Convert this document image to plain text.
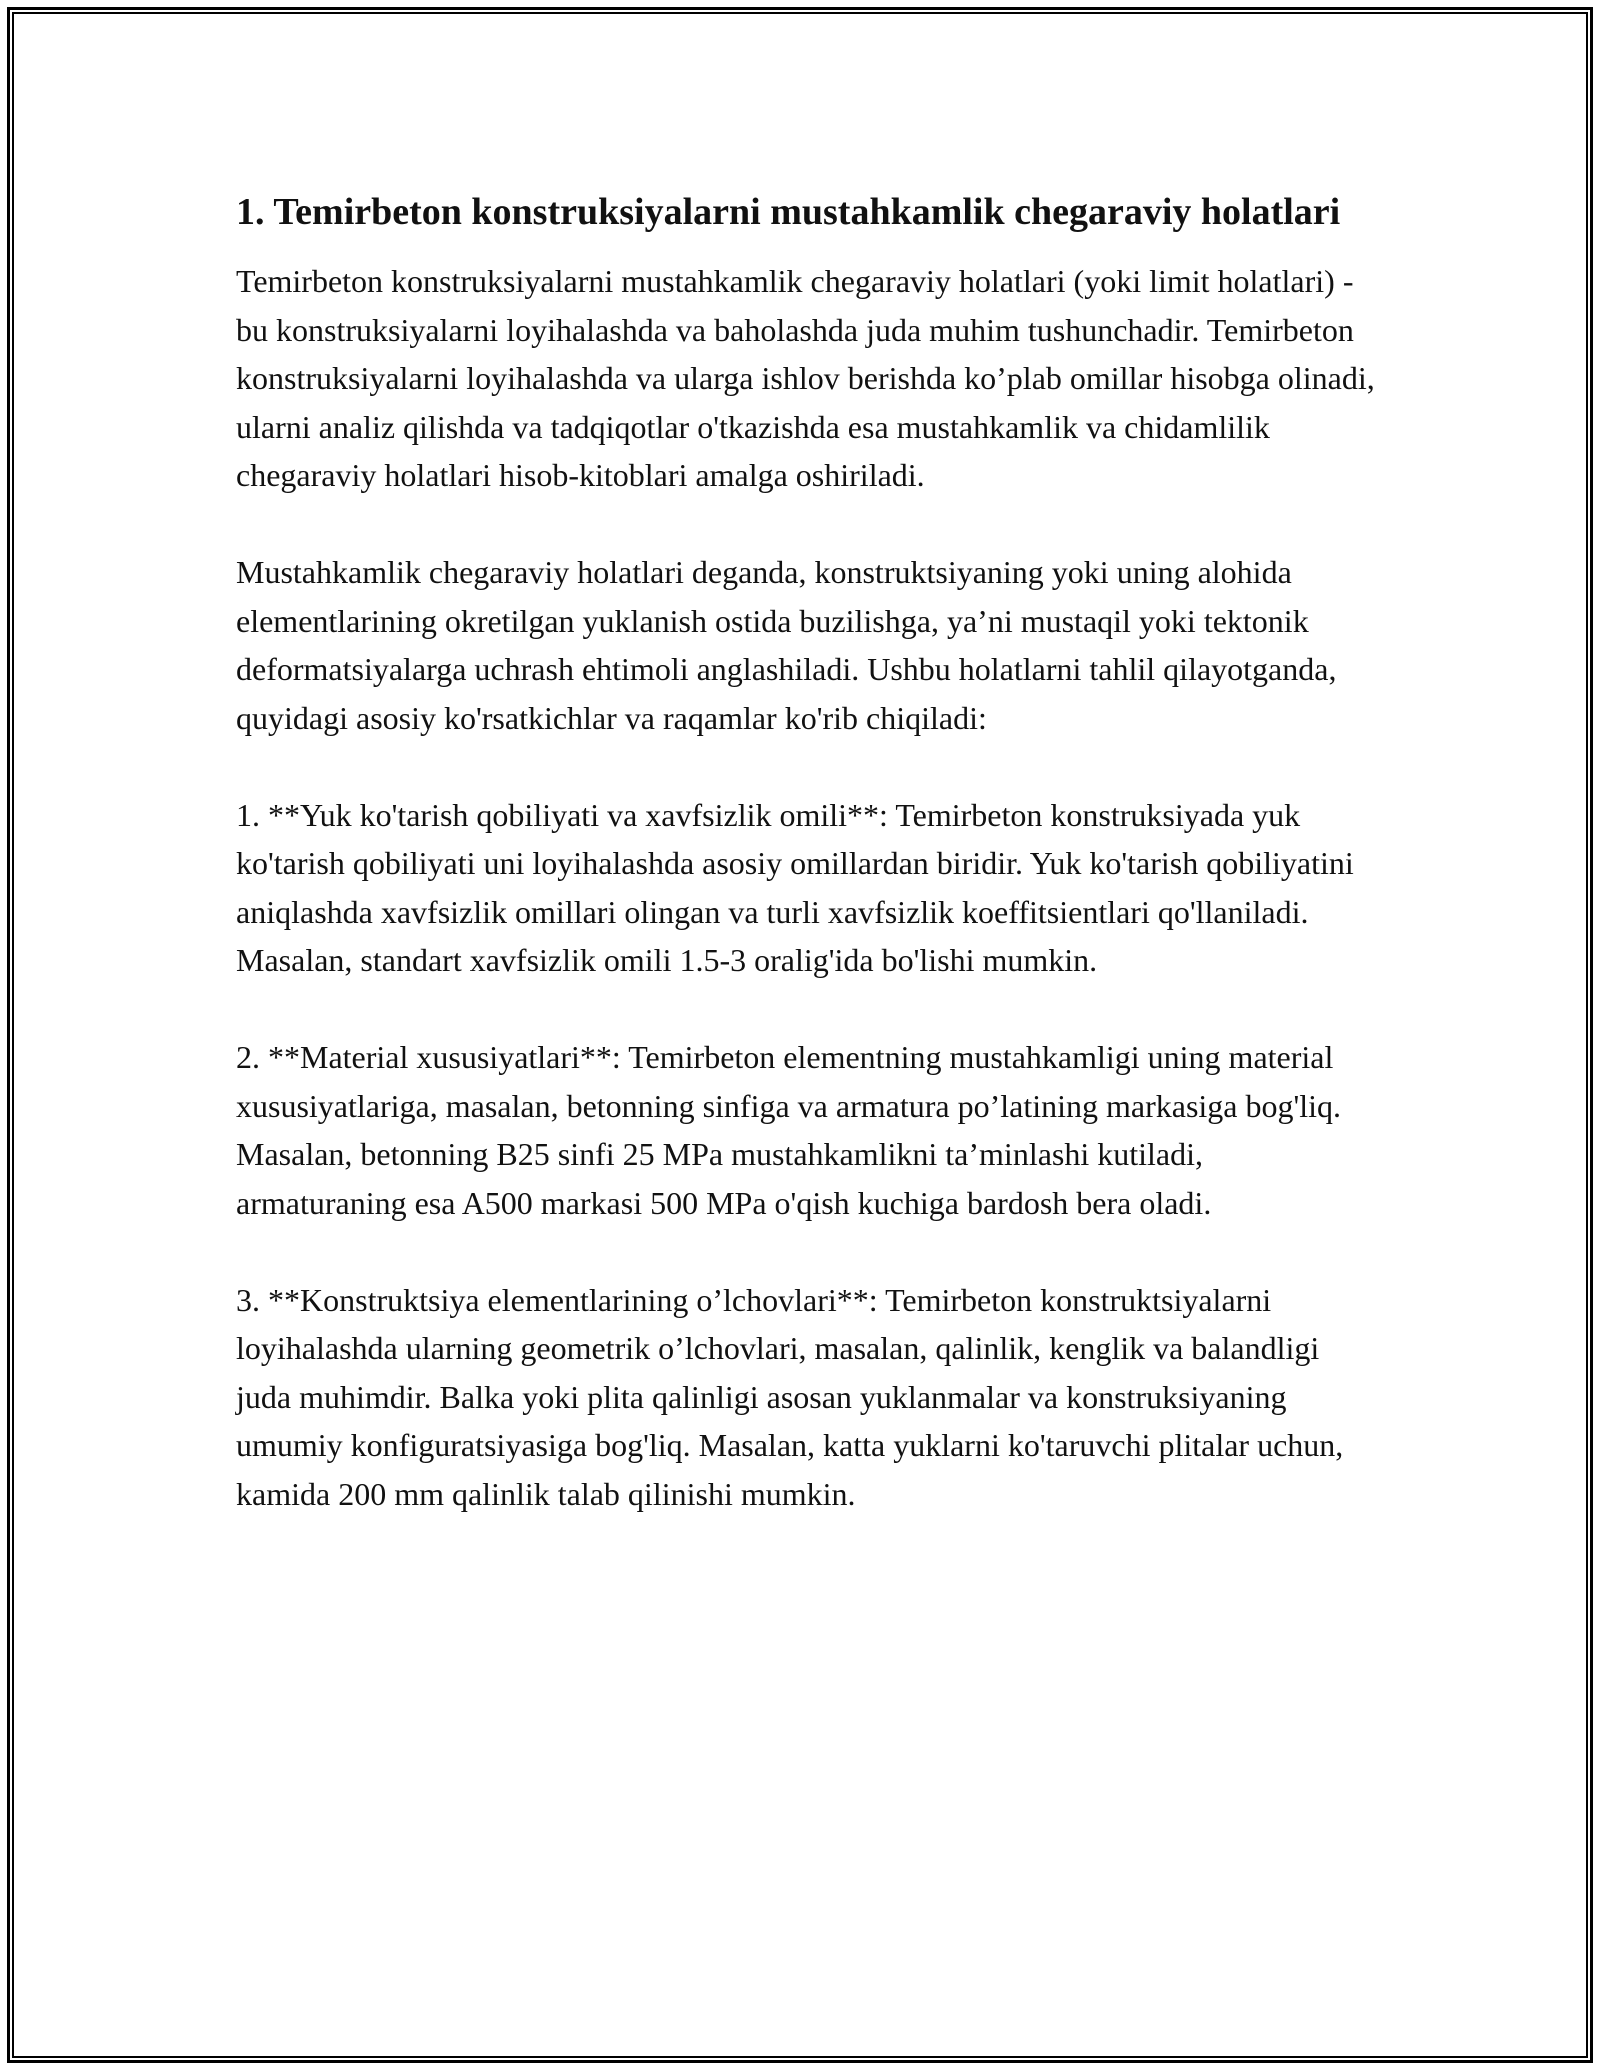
1. Temirbeton konstruksiyalarni mustahkamlik chegaraviy holatlari

Temirbeton konstruksiyalarni mustahkamlik chegaraviy holatlari (yoki limit holatlari) - bu konstruksiyalarni loyihalashda va baholashda juda muhim tushunchadir. Temirbeton konstruksiyalarni loyihalashda va ularga ishlov berishda ko’plab omillar hisobga olinadi, ularni analiz qilishda va tadqiqotlar o'tkazishda esa mustahkamlik va chidamlilik chegaraviy holatlari hisob-kitoblari amalga oshiriladi.

Mustahkamlik chegaraviy holatlari deganda, konstruktsiyaning yoki uning alohida elementlarining okretilgan yuklanish ostida buzilishga, ya’ni mustaqil yoki tektonik deformatsiyalarga uchrash ehtimoli anglashiladi. Ushbu holatlarni tahlil qilayotganda, quyidagi asosiy ko'rsatkichlar va raqamlar ko'rib chiqiladi:

1. **Yuk ko'tarish qobiliyati va xavfsizlik omili**: Temirbeton konstruksiyada yuk ko'tarish qobiliyati uni loyihalashda asosiy omillardan biridir. Yuk ko'tarish qobiliyatini aniqlashda xavfsizlik omillari olingan va turli xavfsizlik koeffitsientlari qo'llaniladi. Masalan, standart xavfsizlik omili 1.5-3 oralig'ida bo'lishi mumkin.

2. **Material xususiyatlari**: Temirbeton elementning mustahkamligi uning material xususiyatlariga, masalan, betonning sinfiga va armatura po’latining markasiga bog'liq. Masalan, betonning B25 sinfi 25 MPa mustahkamlikni ta’minlashi kutiladi, armaturaning esa A500 markasi 500 MPa o'qish kuchiga bardosh bera oladi.

3. **Konstruktsiya elementlarining o’lchovlari**: Temirbeton konstruktsiyalarni loyihalashda ularning geometrik o’lchovlari, masalan, qalinlik, kenglik va balandligi juda muhimdir. Balka yoki plita qalinligi asosan yuklanmalar va konstruksiyaning umumiy konfiguratsiyasiga bog'liq. Masalan, katta yuklarni ko'taruvchi plitalar uchun, kamida 200 mm qalinlik talab qilinishi mumkin.
